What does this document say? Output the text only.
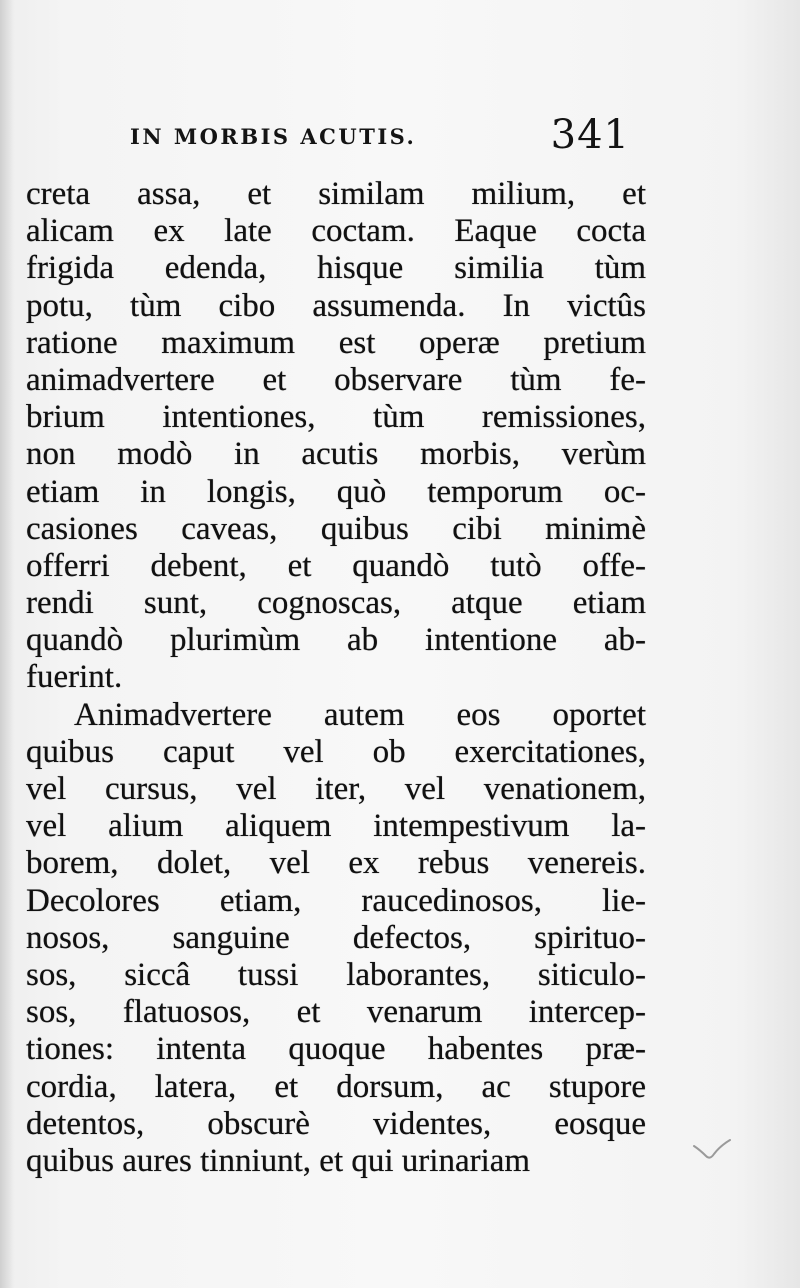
IN MORBIS ACUTIS.	341
creta assa, et similam milium, et
alicam ex late coctam. Eaque cocta
frigida edenda, hisque similia tùm
potu, tùm cibo assumenda. In victûs
ratione maximum est operæ pretium
animadvertere et observare tùm fe-
brium intentiones, tùm remissiones,
non modò in acutis morbis, verùm
etiam in longis, quò temporum oc-
casiones caveas, quibus cibi minimè
offerri debent, et quandò tutò offe-
rendi sunt, cognoscas, atque etiam
quandò plurimùm ab intentione ab-
fuerint.
Animadvertere autem eos oportet
quibus caput vel ob exercitationes,
vel cursus, vel iter, vel venationem,
vel alium aliquem intempestivum la-
borem, dolet, vel ex rebus venereis.
Decolores etiam, raucedinosos, lie-
nosos, sanguine defectos, spirituo-
sos, siccâ tussi laborantes, siticulo-
sos, flatuosos, et venarum intercep-
tiones: intenta quoque habentes præ-
cordia, latera, et dorsum, ac stupore
detentos, obscurè videntes, eosque
quibus aures tinniunt, et qui urinariam
